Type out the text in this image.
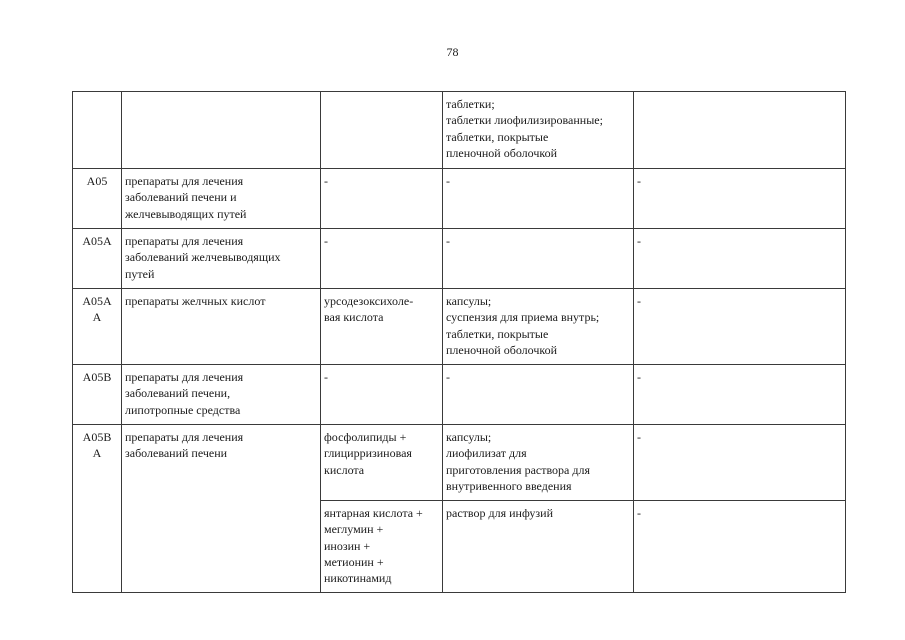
78
			таблетки;
таблетки лиофилизированные;
таблетки, покрытые
пленочной оболочкой	
A05	препараты для лечения
заболеваний печени и
желчевыводящих путей	-	-	-
A05A	препараты для лечения
заболеваний желчевыводящих
путей	-	-	-
A05A
A	препараты желчных кислот	урсодезоксихоле-
вая кислота	капсулы;
суспензия для приема внутрь;
таблетки, покрытые
пленочной оболочкой	-
A05B	препараты для лечения
заболеваний печени,
липотропные средства	-	-	-
A05B
A	препараты для лечения
заболеваний печени	фосфолипиды +
глицирризиновая
кислота	капсулы;
лиофилизат для
приготовления раствора для
внутривенного введения	-
		янтарная кислота +
меглумин +
инозин +
метионин +
никотинамид	раствор для инфузий	-
